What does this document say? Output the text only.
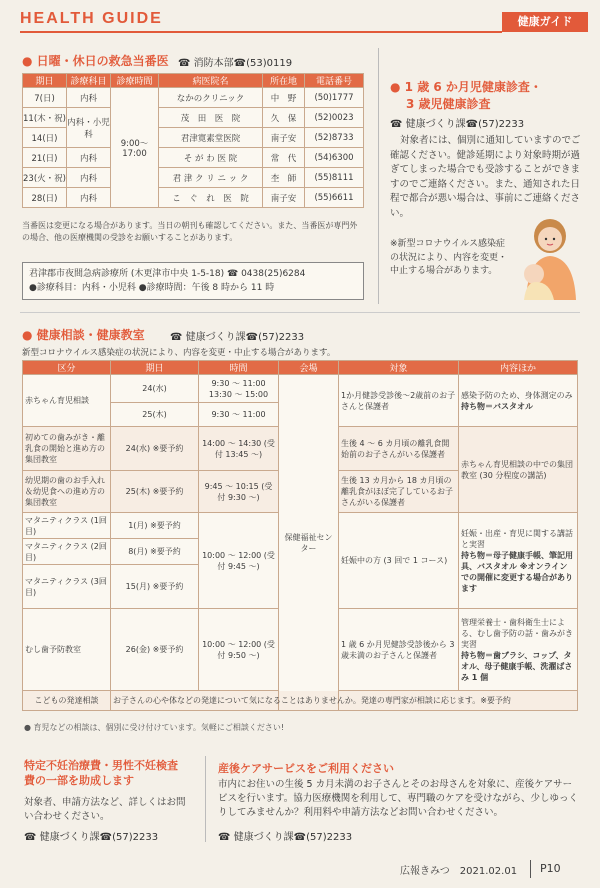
HEALTH GUIDE	健康ガイド
● 日曜・休日の救急当番医 ☎ 消防本部☎(53)0119
期日	診療科目	診療時間	病医院名	所在地	電話番号
7(日)	内科	9:00～17:00	なかのクリニック	中　野	(50)1777
11(木・祝)	内科・小児科		茂　田　医　院	久　保	(52)0023
14(日)			君津寛素堂医院	南子安	(52)8733
21(日)	内科		そ が わ 医 院	常　代	(54)6300
23(火・祝)	内科		君 津 ク リ ニ ッ ク	杢　師	(55)8111
28(日)	内科		こ　ぐ　れ　医　院	南子安	(55)6611
当番医は変更になる場合があります。当日の朝刊も確認してください。また、当番医が専門外の場合、他の医療機関の受診をお願いすることがあります。
君津郡市夜間急病診療所 (木更津市中央 1-5-18) ☎ 0438(25)6284
●診療科目：内科・小児科 ●診療時間：午後 8 時から 11 時
● 1 歳 6 か月児健康診査・
3 歳児健康診査
☎ 健康づくり課☎(57)2233
対象者には、個別に通知していますのでご確認ください。健診延期により対象時期が過ぎてしまった場合でも受診することができますのでご連絡ください。また、通知された日程で都合が悪い場合は、事前にご連絡ください。
※新型コロナウイルス感染症の状況により、内容を変更・中止する場合があります。
● 健康相談・健康教室	☎ 健康づくり課☎(57)2233
新型コロナウイルス感染症の状況により、内容を変更・中止する場合があります。
区分	期日	時間	会場	対象	内容ほか
赤ちゃん育児相談	24(水)	9:30 ～ 11:00 13:30 ～ 15:00	保健福祉センター	1か月健診受診後～2歳前のお子さんと保護者	感染予防のため、身体測定のみ
持ち物＝バスタオル
	25(木)	9:30 ～ 11:00			
初めての歯みがき・離乳食の開始と進め方の集団教室	24(水) ※要予約	14:00 ～ 14:30 (受付 13:45 ～)		生後 4 ～ 6 カ月頃の離乳食開始前のお子さんがいる保護者	赤ちゃん育児相談の中での集団教室 (30 分程度の講話)
幼児期の歯のお手入れ＆幼児食への進め方の集団教室	25(木) ※要予約	9:45 ～ 10:15 (受付 9:30 ～)		生後 13 カ月から 18 カ月頃の離乳食がほぼ完了しているお子さんがいる保護者	
マタニティクラス (1回目)	1(月) ※要予約	10:00 ～ 12:00 (受付 9:45 ～)		妊娠中の方 (3 回で 1 コース)	妊娠・出産・育児に関する講話と実習
持ち物＝母子健康手帳、筆記用具、バスタオル ※オンラインでの開催に変更する場合があります
マタニティクラス (2回目)	8(月) ※要予約				
マタニティクラス (3回目)	15(月) ※要予約				
むし歯予防教室	26(金) ※要予約	10:00 ～ 12:00 (受付 9:50 ～)		1 歳 6 か月児健診受診後から 3 歳未満のお子さんと保護者	管理栄養士・歯科衛生士による、むし歯予防の話・歯みがき実習
持ち物＝歯ブラシ、コップ、タオル、母子健康手帳、洗濯ばさみ 1 個
こどもの発達相談	お子さんの心や体などの発達について気になることはありませんか。発達の専門家が相談に応じます。※要予約				
● 育児などの相談は、個別に受け付けています。気軽にご相談ください!
特定不妊治療費・男性不妊検査
費の一部を助成します
対象者、申請方法など、詳しくはお問い合わせください。
☎ 健康づくり課☎(57)2233
産後ケアサービスをご利用ください
市内にお住いの生後 5 カ月未満のお子さんとそのお母さんを対象に、産後ケアサービスを行います。協力医療機関を利用して、専門職のケアを受けながら、少しゆっくりしてみませんか？利用料や申請方法などお問い合わせください。
☎ 健康づくり課☎(57)2233
広報きみつ　2021.02.01 P10
